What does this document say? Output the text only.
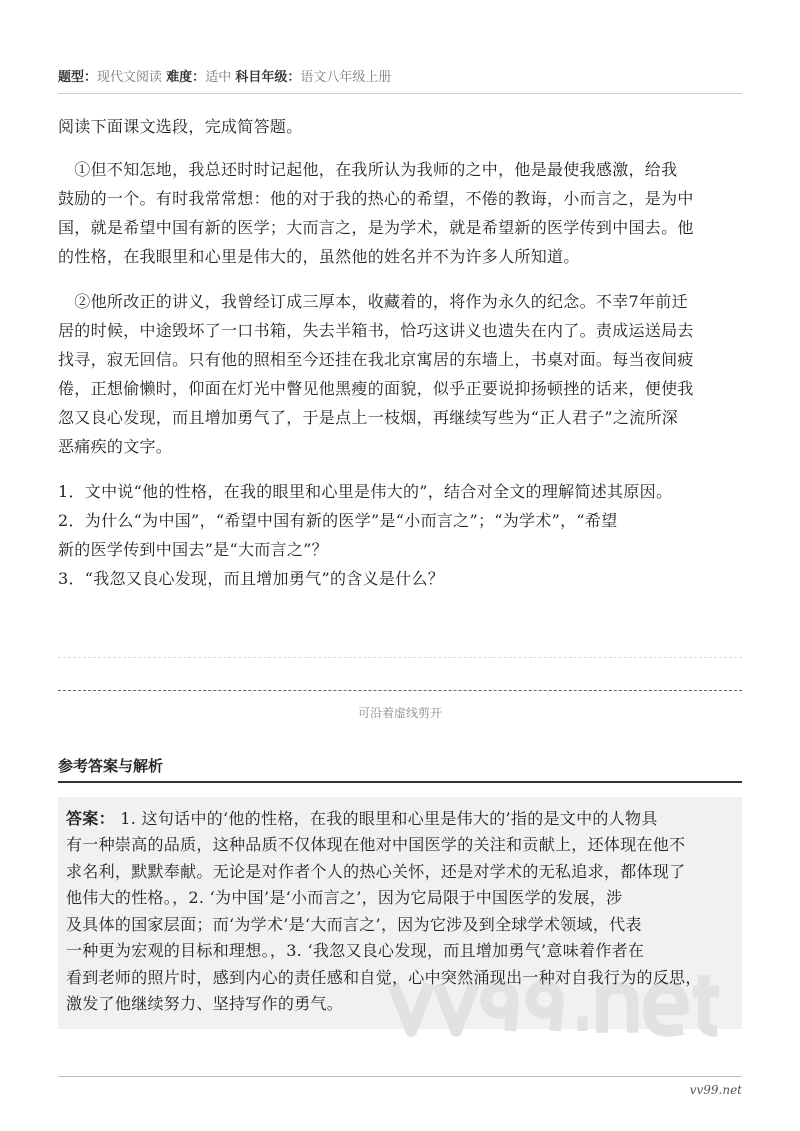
题型：现代文阅读 难度：适中 科目年级：语文八年级上册
阅读下面课文选段，完成简答题。
　①但不知怎地，我总还时时记起他，在我所认为我师的之中，他是最使我感激，给我
鼓励的一个。有时我常常想：他的对于我的热心的希望，不倦的教诲，小而言之，是为中
国，就是希望中国有新的医学；大而言之，是为学术，就是希望新的医学传到中国去。他
的性格，在我眼里和心里是伟大的，虽然他的姓名并不为许多人所知道。
　②他所改正的讲义，我曾经订成三厚本，收藏着的，将作为永久的纪念。不幸7年前迁
居的时候，中途毁坏了一口书箱，失去半箱书，恰巧这讲义也遗失在内了。责成运送局去
找寻，寂无回信。只有他的照相至今还挂在我北京寓居的东墙上，书桌对面。每当夜间疲
倦，正想偷懒时，仰面在灯光中瞥见他黑瘦的面貌，似乎正要说抑扬顿挫的话来，便使我
忽又良心发现，而且增加勇气了，于是点上一枝烟，再继续写些为“正人君子”之流所深
恶痛疾的文字。
1．文中说“他的性格，在我的眼里和心里是伟大的”，结合对全文的理解简述其原因。
2．为什么“为中国”，“希望中国有新的医学”是“小而言之”；“为学术”，“希望
新的医学传到中国去”是“大而言之”？
3．“我忽又良心发现，而且增加勇气”的含义是什么？
可沿着虚线剪开
参考答案与解析
答案： 1. 这句话中的‘他的性格，在我的眼里和心里是伟大的’指的是文中的人物具
有一种崇高的品质，这种品质不仅体现在他对中国医学的关注和贡献上，还体现在他不
求名利，默默奉献。无论是对作者个人的热心关怀，还是对学术的无私追求，都体现了
他伟大的性格。，2. ‘为中国’是‘小而言之’，因为它局限于中国医学的发展，涉
及具体的国家层面；而‘为学术’是‘大而言之’，因为它涉及到全球学术领域，代表
一种更为宏观的目标和理想。，3. ‘我忽又良心发现，而且增加勇气’意味着作者在
看到老师的照片时，感到内心的责任感和自觉，心中突然涌现出一种对自我行为的反思，
激发了他继续努力、坚持写作的勇气。
vv99.net
